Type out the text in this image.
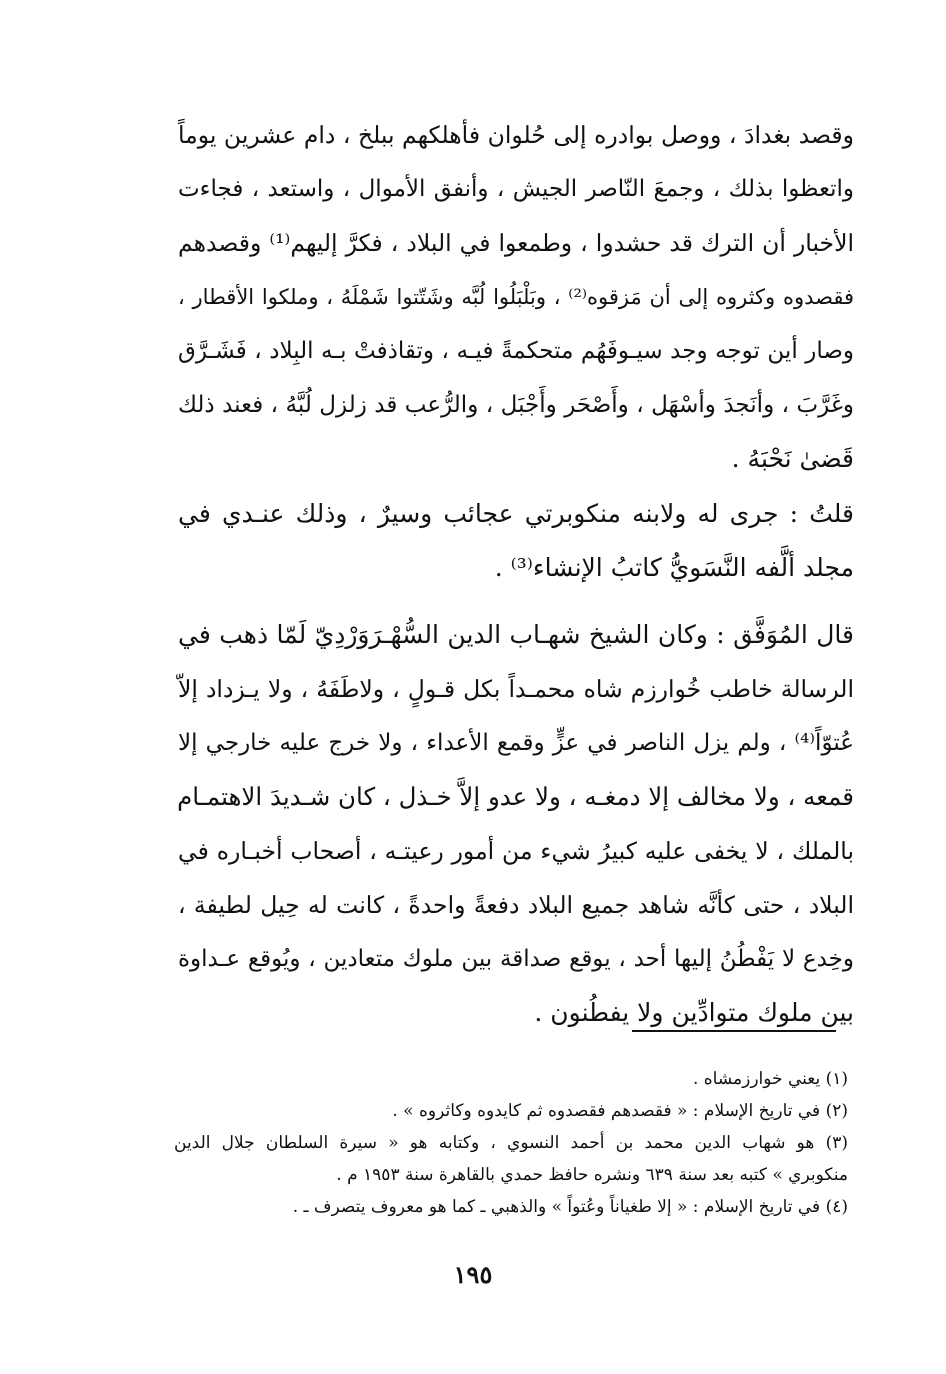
وقصد بغدادَ ، ووصل بوادره إلى حُلوان فأهلكهم ببلخ ، دام عشرين يوماً
واتعظوا بذلك ، وجمعَ النّاصر الجيش ، وأنفق الأموال ، واستعد ، فجاءت
الأخبار أن الترك قد حشدوا ، وطمعوا في البلاد ، فكرَّ إليهم⁽¹⁾ وقصدهم
فقصدوه وكثروه إلى أن مَزقوه⁽²⁾ ، وبَلْبَلُوا لُبَّه وشَتّتوا شَمْلَهُ ، وملكوا الأقطار ،
وصار أين توجه وجد سيـوفَهُم متحكمةً فيـه ، وتقاذفتْ بـه البِلاد ، فَشَـرَّق
وغَرَّبَ ، وأنَجدَ وأسْهَل ، وأَصْحَر وأَجْبَل ، والرُّعب قد زلزل لُبَّهُ ، فعند ذلك
قَضىٰ نَحْبَهُ .
قلتُ : جرى له ولابنه منكوبرتي عجائب وسيرٌ ، وذلك عنـدي في
مجلد ألَّفه النَّسَويُّ كاتبُ الإنشاء⁽³⁾ .
قال المُوَفَّق : وكان الشيخ شهـاب الدين السُّهْـرَوَرْدِيّ لَمّا ذهب في
الرسالة خاطب خُوارزم شاه محمـداً بكل قـولٍ ، ولاطَفَهُ ، ولا يـزداد إلاّ
عُتوّاً⁽⁴⁾ ، ولم يزل الناصر في عزٍّ وقمع الأعداء ، ولا خرج عليه خارجي إلا
قمعه ، ولا مخالف إلا دمغـه ، ولا عدو إلاَّ خـذل ، كان شـديدَ الاهتمـام
بالملك ، لا يخفى عليه كبيرُ شيء من أمور رعيتـه ، أصحاب أخبـاره في
البلاد ، حتى كأنَّه شاهد جميع البلاد دفعةً واحدةً ، كانت له حِيل لطيفة ،
وخِدع لا يَفْطُنُ إليها أحد ، يوقع صداقة بين ملوك متعادين ، ويُوقع عـداوة
بين ملوك متوادِّين ولا يفطُنون .
(١) يعني خوارزمشاه .
(٢) في تاريخ الإسلام : « فقصدهم فقصدوه ثم كايدوه وكاثروه » .
(٣) هو شهاب الدين محمد بن أحمد النسوي ، وكتابه هو « سيرة السلطان جلال الدين
منكوبري » كتبه بعد سنة ٦٣٩ ونشره حافظ حمدي بالقاهرة سنة ١٩٥٣ م .
(٤) في تاريخ الإسلام : « إلا طغياناً وعُتواً » والذهبي ـ كما هو معروف يتصرف ـ .
١٩٥
